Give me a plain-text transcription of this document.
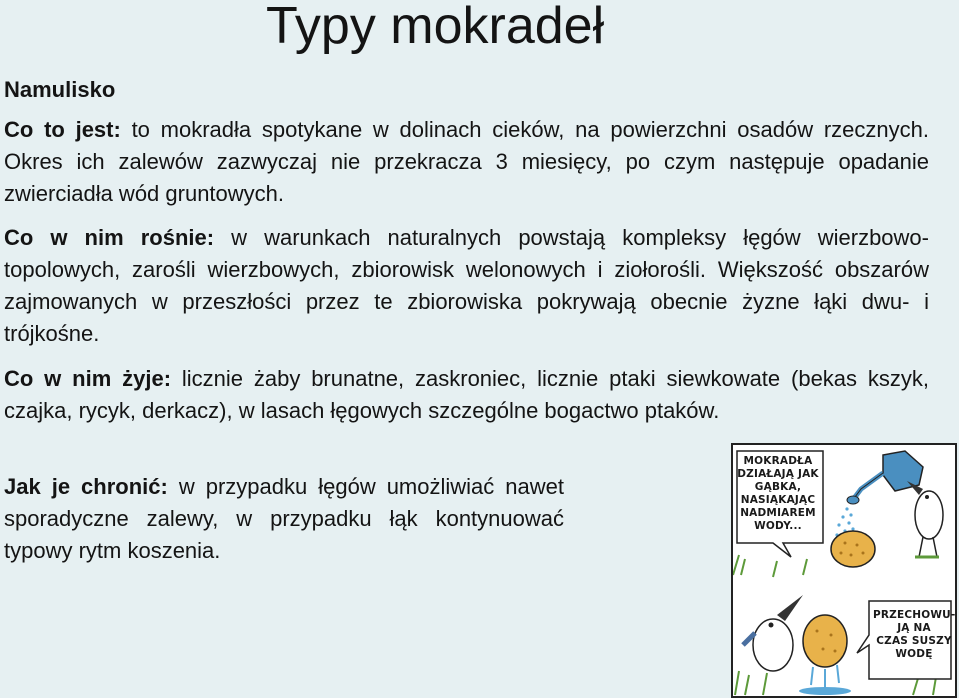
Typy mokradeł
Namulisko

Co to jest: to mokradła spotykane w dolinach cieków, na powierzchni osadów rzecznych. Okres ich zalewów zazwyczaj nie przekracza 3 miesięcy, po czym następuje opadanie zwierciadła wód gruntowych.

Co w nim rośnie: w warunkach naturalnych powstają kompleksy łęgów wierzbowo-topolowych, zarośli wierzbowych, zbiorowisk welonowych i ziołorośli. Większość obszarów zajmowanych w przeszłości przez te zbiorowiska pokrywają obecnie żyzne łąki dwu- i trójkośne.

Co w nim żyje: licznie żaby brunatne, zaskroniec, licznie ptaki siewkowate (bekas kszyk, czajka, rycyk, derkacz), w lasach łęgowych szczególne bogactwo ptaków.

Jak je chronić: w przypadku łęgów umożliwiać nawet sporadyczne zalewy, w przypadku łąk kontynuować typowy rytm koszenia.

MOKRADŁA
DZIAŁAJĄ JAK
GĄBKA,
NASIĄKAJĄC
NADMIAREM
WODY...
PRZECHOWU-
JĄ NA
CZAS SUSZY
WODĘ
